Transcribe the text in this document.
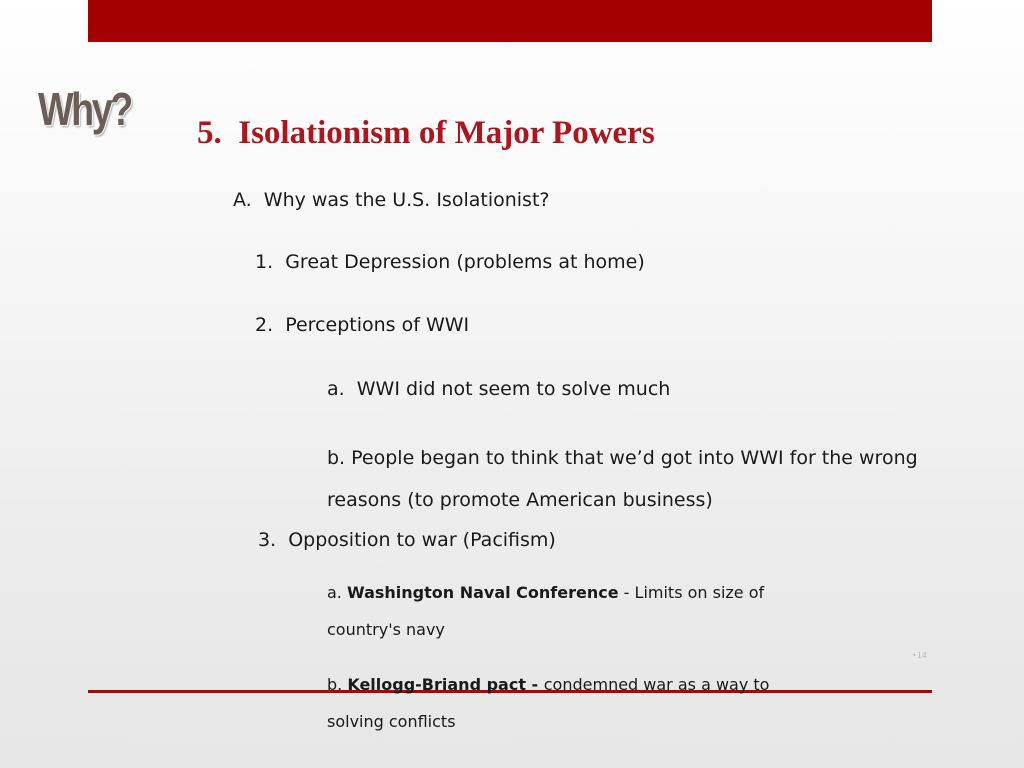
Why? 5.  Isolationism of Major Powers
A.  Why was the U.S. Isolationist?
1.  Great Depression (problems at home)
2.  Perceptions of WWI
a.  WWI did not seem to solve much
b. People began to think that we’d got into WWI for the wrong reasons (to promote American business)
3.  Opposition to war (Pacifism)
a. Washington Naval Conference - Limits on size of country's navy
b. Kellogg-Briand pact - condemned war as a way to solving conflicts
•14
